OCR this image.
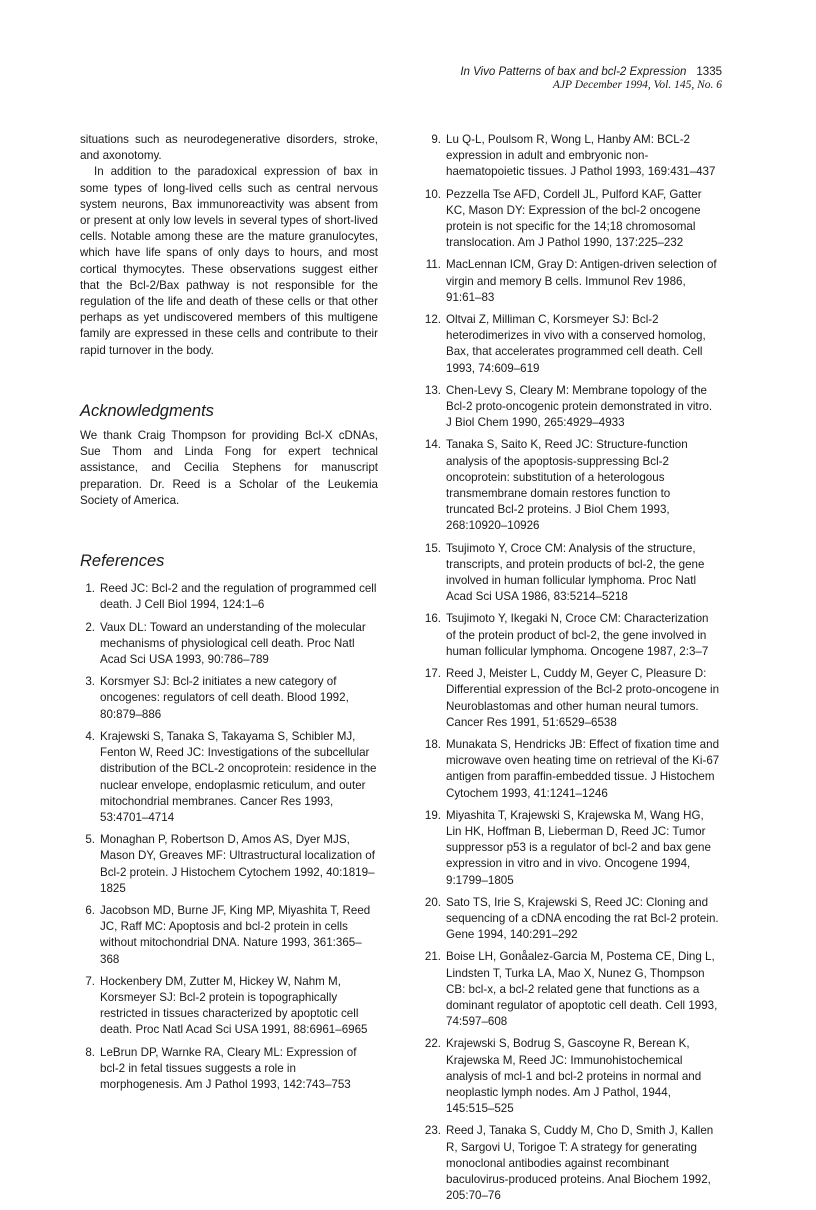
In Vivo Patterns of bax and bcl-2 Expression 1335
AJP December 1994, Vol. 145, No. 6

situations such as neurodegenerative disorders, stroke, and axonotomy.

In addition to the paradoxical expression of bax in some types of long-lived cells such as central nervous system neurons, Bax immunoreactivity was absent from or present at only low levels in several types of short-lived cells. Notable among these are the mature granulocytes, which have life spans of only days to hours, and most cortical thymocytes. These observations suggest either that the Bcl-2/Bax pathway is not responsible for the regulation of the life and death of these cells or that other perhaps as yet undiscovered members of this multigene family are expressed in these cells and contribute to their rapid turnover in the body.

Acknowledgments

We thank Craig Thompson for providing Bcl-X cDNAs, Sue Thom and Linda Fong for expert technical assistance, and Cecilia Stephens for manuscript preparation. Dr. Reed is a Scholar of the Leukemia Society of America.

References
1. Reed JC: Bcl-2 and the regulation of programmed cell death. J Cell Biol 1994, 124:1–6
2. Vaux DL: Toward an understanding of the molecular mechanisms of physiological cell death. Proc Natl Acad Sci USA 1993, 90:786–789
3. Korsmyer SJ: Bcl-2 initiates a new category of oncogenes: regulators of cell death. Blood 1992, 80:879–886
4. Krajewski S, Tanaka S, Takayama S, Schibler MJ, Fenton W, Reed JC: Investigations of the subcellular distribution of the BCL-2 oncoprotein: residence in the nuclear envelope, endoplasmic reticulum, and outer mitochondrial membranes. Cancer Res 1993, 53:4701–4714
5. Monaghan P, Robertson D, Amos AS, Dyer MJS, Mason DY, Greaves MF: Ultrastructural localization of Bcl-2 protein. J Histochem Cytochem 1992, 40:1819–1825
6. Jacobson MD, Burne JF, King MP, Miyashita T, Reed JC, Raff MC: Apoptosis and bcl-2 protein in cells without mitochondrial DNA. Nature 1993, 361:365–368
7. Hockenbery DM, Zutter M, Hickey W, Nahm M, Korsmeyer SJ: Bcl-2 protein is topographically restricted in tissues characterized by apoptotic cell death. Proc Natl Acad Sci USA 1991, 88:6961–6965
8. LeBrun DP, Warnke RA, Cleary ML: Expression of bcl-2 in fetal tissues suggests a role in morphogenesis. Am J Pathol 1993, 142:743–753
9. Lu Q-L, Poulsom R, Wong L, Hanby AM: BCL-2 expression in adult and embryonic non-haematopoietic tissues. J Pathol 1993, 169:431–437
10. Pezzella Tse AFD, Cordell JL, Pulford KAF, Gatter KC, Mason DY: Expression of the bcl-2 oncogene protein is not specific for the 14;18 chromosomal translocation. Am J Pathol 1990, 137:225–232
11. MacLennan ICM, Gray D: Antigen-driven selection of virgin and memory B cells. Immunol Rev 1986, 91:61–83
12. Oltvai Z, Milliman C, Korsmeyer SJ: Bcl-2 heterodimerizes in vivo with a conserved homolog, Bax, that accelerates programmed cell death. Cell 1993, 74:609–619
13. Chen-Levy S, Cleary M: Membrane topology of the Bcl-2 proto-oncogenic protein demonstrated in vitro. J Biol Chem 1990, 265:4929–4933
14. Tanaka S, Saito K, Reed JC: Structure-function analysis of the apoptosis-suppressing Bcl-2 oncoprotein: substitution of a heterologous transmembrane domain restores function to truncated Bcl-2 proteins. J Biol Chem 1993, 268:10920–10926
15. Tsujimoto Y, Croce CM: Analysis of the structure, transcripts, and protein products of bcl-2, the gene involved in human follicular lymphoma. Proc Natl Acad Sci USA 1986, 83:5214–5218
16. Tsujimoto Y, Ikegaki N, Croce CM: Characterization of the protein product of bcl-2, the gene involved in human follicular lymphoma. Oncogene 1987, 2:3–7
17. Reed J, Meister L, Cuddy M, Geyer C, Pleasure D: Differential expression of the Bcl-2 proto-oncogene in Neuroblastomas and other human neural tumors. Cancer Res 1991, 51:6529–6538
18. Munakata S, Hendricks JB: Effect of fixation time and microwave oven heating time on retrieval of the Ki-67 antigen from paraffin-embedded tissue. J Histochem Cytochem 1993, 41:1241–1246
19. Miyashita T, Krajewski S, Krajewska M, Wang HG, Lin HK, Hoffman B, Lieberman D, Reed JC: Tumor suppressor p53 is a regulator of bcl-2 and bax gene expression in vitro and in vivo. Oncogene 1994, 9:1799–1805
20. Sato TS, Irie S, Krajewski S, Reed JC: Cloning and sequencing of a cDNA encoding the rat Bcl-2 protein. Gene 1994, 140:291–292
21. Boise LH, Gonåalez-Garcia M, Postema CE, Ding L, Lindsten T, Turka LA, Mao X, Nunez G, Thompson CB: bcl-x, a bcl-2 related gene that functions as a dominant regulator of apoptotic cell death. Cell 1993, 74:597–608
22. Krajewski S, Bodrug S, Gascoyne R, Berean K, Krajewska M, Reed JC: Immunohistochemical analysis of mcl-1 and bcl-2 proteins in normal and neoplastic lymph nodes. Am J Pathol, 1944, 145:515–525
23. Reed J, Tanaka S, Cuddy M, Cho D, Smith J, Kallen R, Sargovi U, Torigoe T: A strategy for generating monoclonal antibodies against recombinant baculovirus-produced proteins. Anal Biochem 1992, 205:70–76
